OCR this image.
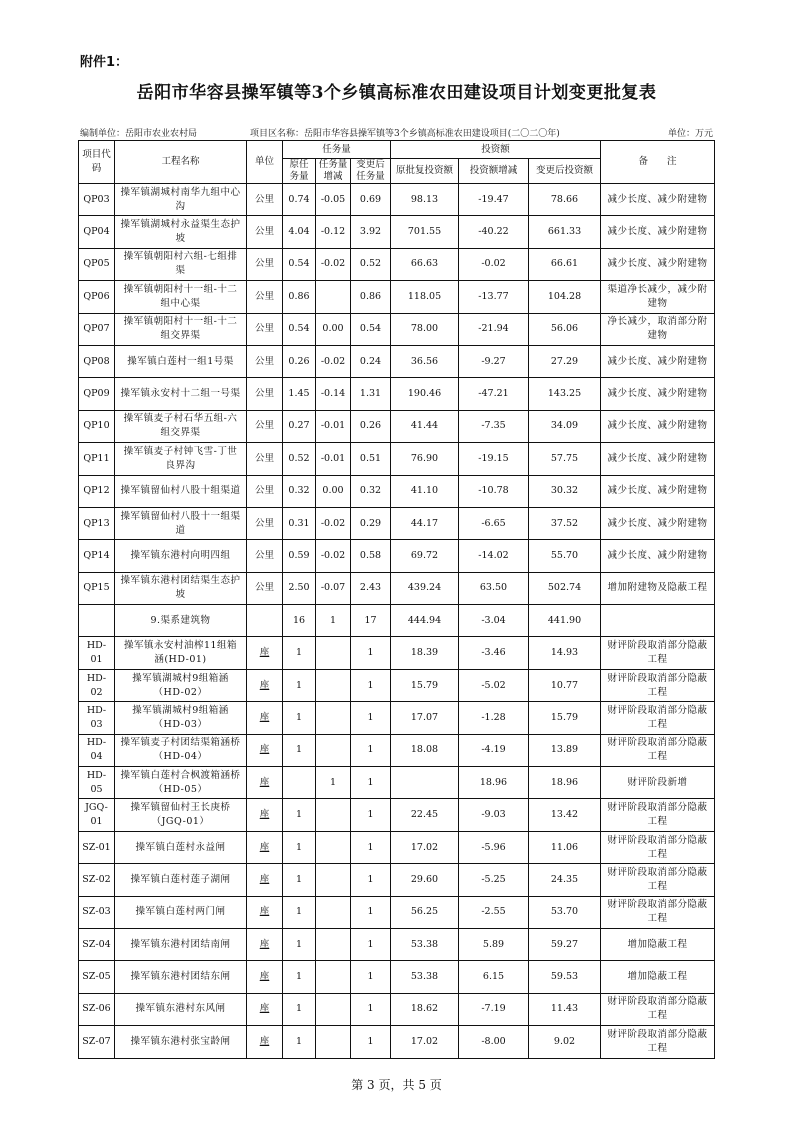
附件1：
岳阳市华容县操军镇等3个乡镇高标准农田建设项目计划变更批复表
编制单位：岳阳市农业农村局	项目区名称：岳阳市华容县操军镇等3个乡镇高标准农田建设项目(二〇二〇年)	单位：万元
项目代码	工程名称	单位	任务量			投资额			备　　注
			原任务量	任务量增减	变更后任务量	原批复投资额	投资额增减	变更后投资额	
QP03	操军镇湖城村南华九组中心沟	公里	0.74	-0.05	0.69	98.13	-19.47	78.66	减少长度、减少附建物
QP04	操军镇湖城村永益渠生态护坡	公里	4.04	-0.12	3.92	701.55	-40.22	661.33	减少长度、减少附建物
QP05	操军镇朝阳村六组-七组排渠	公里	0.54	-0.02	0.52	66.63	-0.02	66.61	减少长度、减少附建物
QP06	操军镇朝阳村十一组-十二组中心渠	公里	0.86		0.86	118.05	-13.77	104.28	渠道净长减少，减少附建物
QP07	操军镇朝阳村十一组-十二组交界渠	公里	0.54	0.00	0.54	78.00	-21.94	56.06	净长减少，取消部分附建物
QP08	操军镇白莲村一组1号渠	公里	0.26	-0.02	0.24	36.56	-9.27	27.29	减少长度、减少附建物
QP09	操军镇永安村十二组一号渠	公里	1.45	-0.14	1.31	190.46	-47.21	143.25	减少长度、减少附建物
QP10	操军镇麦子村石华五组-六组交界渠	公里	0.27	-0.01	0.26	41.44	-7.35	34.09	减少长度、减少附建物
QP11	操军镇麦子村钟飞雪-丁世良界沟	公里	0.52	-0.01	0.51	76.90	-19.15	57.75	减少长度、减少附建物
QP12	操军镇留仙村八股十组渠道	公里	0.32	0.00	0.32	41.10	-10.78	30.32	减少长度、减少附建物
QP13	操军镇留仙村八股十一组渠道	公里	0.31	-0.02	0.29	44.17	-6.65	37.52	减少长度、减少附建物
QP14	操军镇东港村向明四组	公里	0.59	-0.02	0.58	69.72	-14.02	55.70	减少长度、减少附建物
QP15	操军镇东港村团结渠生态护坡	公里	2.50	-0.07	2.43	439.24	63.50	502.74	增加附建物及隐蔽工程
	9.渠系建筑物		16	1	17	444.94	-3.04	441.90	
HD-01	操军镇永安村油榨11组箱涵(HD-01)	座	1		1	18.39	-3.46	14.93	财评阶段取消部分隐蔽工程
HD-02	操军镇湖城村9组箱涵（HD-02）	座	1		1	15.79	-5.02	10.77	财评阶段取消部分隐蔽工程
HD-03	操军镇湖城村9组箱涵（HD-03）	座	1		1	17.07	-1.28	15.79	财评阶段取消部分隐蔽工程
HD-04	操军镇麦子村团结渠箱涵桥（HD-04）	座	1		1	18.08	-4.19	13.89	财评阶段取消部分隐蔽工程
HD-05	操军镇白莲村合枫渡箱涵桥（HD-05）	座		1	1		18.96	18.96	财评阶段新增
JGQ-01	操军镇留仙村王长庚桥（JGQ-01）	座	1		1	22.45	-9.03	13.42	财评阶段取消部分隐蔽工程
SZ-01	操军镇白莲村永益闸	座	1		1	17.02	-5.96	11.06	财评阶段取消部分隐蔽工程
SZ-02	操军镇白莲村莲子湖闸	座	1		1	29.60	-5.25	24.35	财评阶段取消部分隐蔽工程
SZ-03	操军镇白莲村两门闸	座	1		1	56.25	-2.55	53.70	财评阶段取消部分隐蔽工程
SZ-04	操军镇东港村团结南闸	座	1		1	53.38	5.89	59.27	增加隐蔽工程
SZ-05	操军镇东港村团结东闸	座	1		1	53.38	6.15	59.53	增加隐蔽工程
SZ-06	操军镇东港村东风闸	座	1		1	18.62	-7.19	11.43	财评阶段取消部分隐蔽工程
SZ-07	操军镇东港村张宝龄闸	座	1		1	17.02	-8.00	9.02	财评阶段取消部分隐蔽工程
第 3 页，共 5 页
